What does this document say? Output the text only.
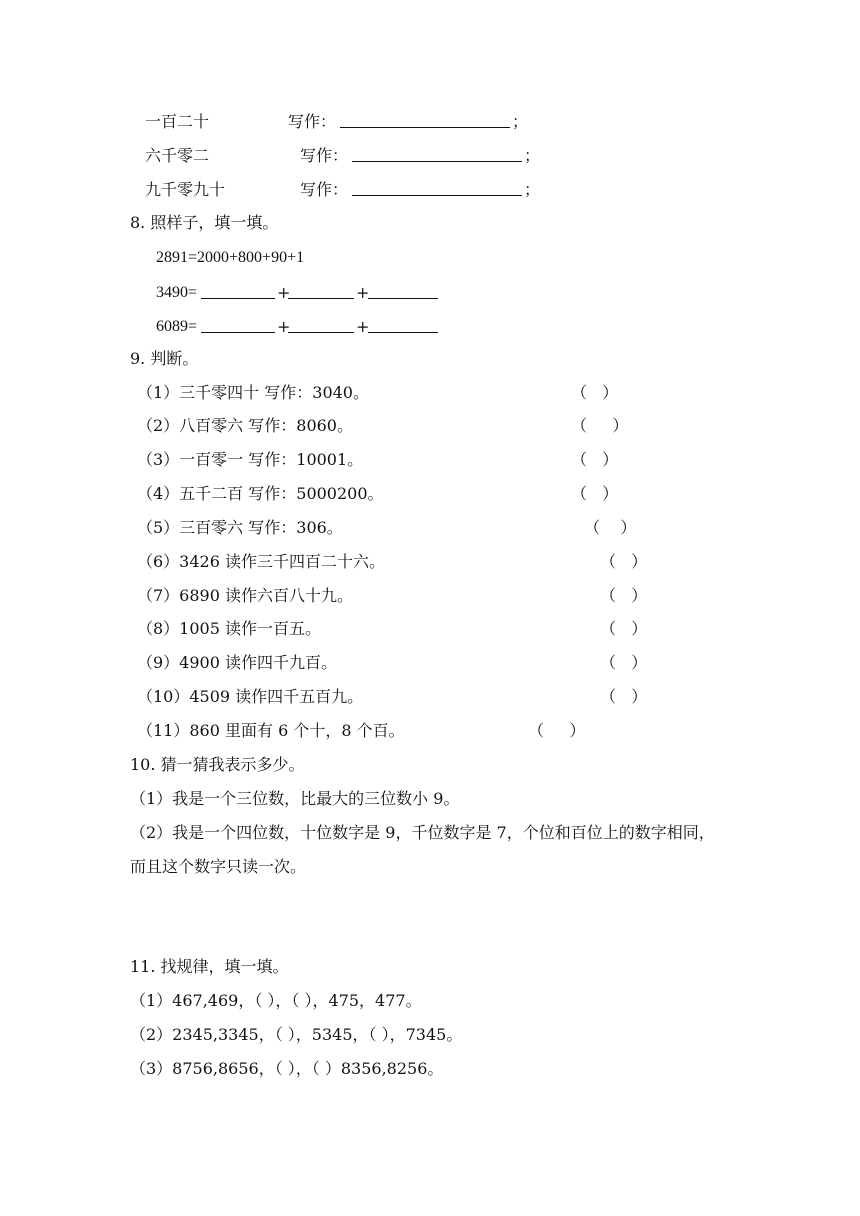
一百二十	写作：	；
六千零二	写作：	；
九千零九十	写作：	；
8. 照样子，填一填。
2891=2000+800+90+1
3490=	+	+
6089=	+	+
9. 判断。
（1）三千零四十 写作：3040。	（   ）
（2）八百零六 写作：8060。	（     ）
（3）一百零一 写作：10001。	（   ）
（4）五千二百 写作：5000200。	（   ）
（5）三百零六 写作：306。	（    ）
（6）3426 读作三千四百二十六。	（   ）
（7）6890 读作六百八十九。	（   ）
（8）1005 读作一百五。	（   ）
（9）4900 读作四千九百。	（   ）
（10）4509 读作四千五百九。	（   ）
（11）860 里面有 6 个十，8 个百。	（     ）
10. 猜一猜我表示多少。
（1）我是一个三位数，比最大的三位数小 9。
（2）我是一个四位数，十位数字是 9，千位数字是 7，个位和百位上的数字相同，
而且这个数字只读一次。
11. 找规律，填一填。
（1）467,469，（ ），（ ），475，477。
（2）2345,3345，（ ），5345，（ ），7345。
（3）8756,8656，（ ），（ ）8356,8256。
